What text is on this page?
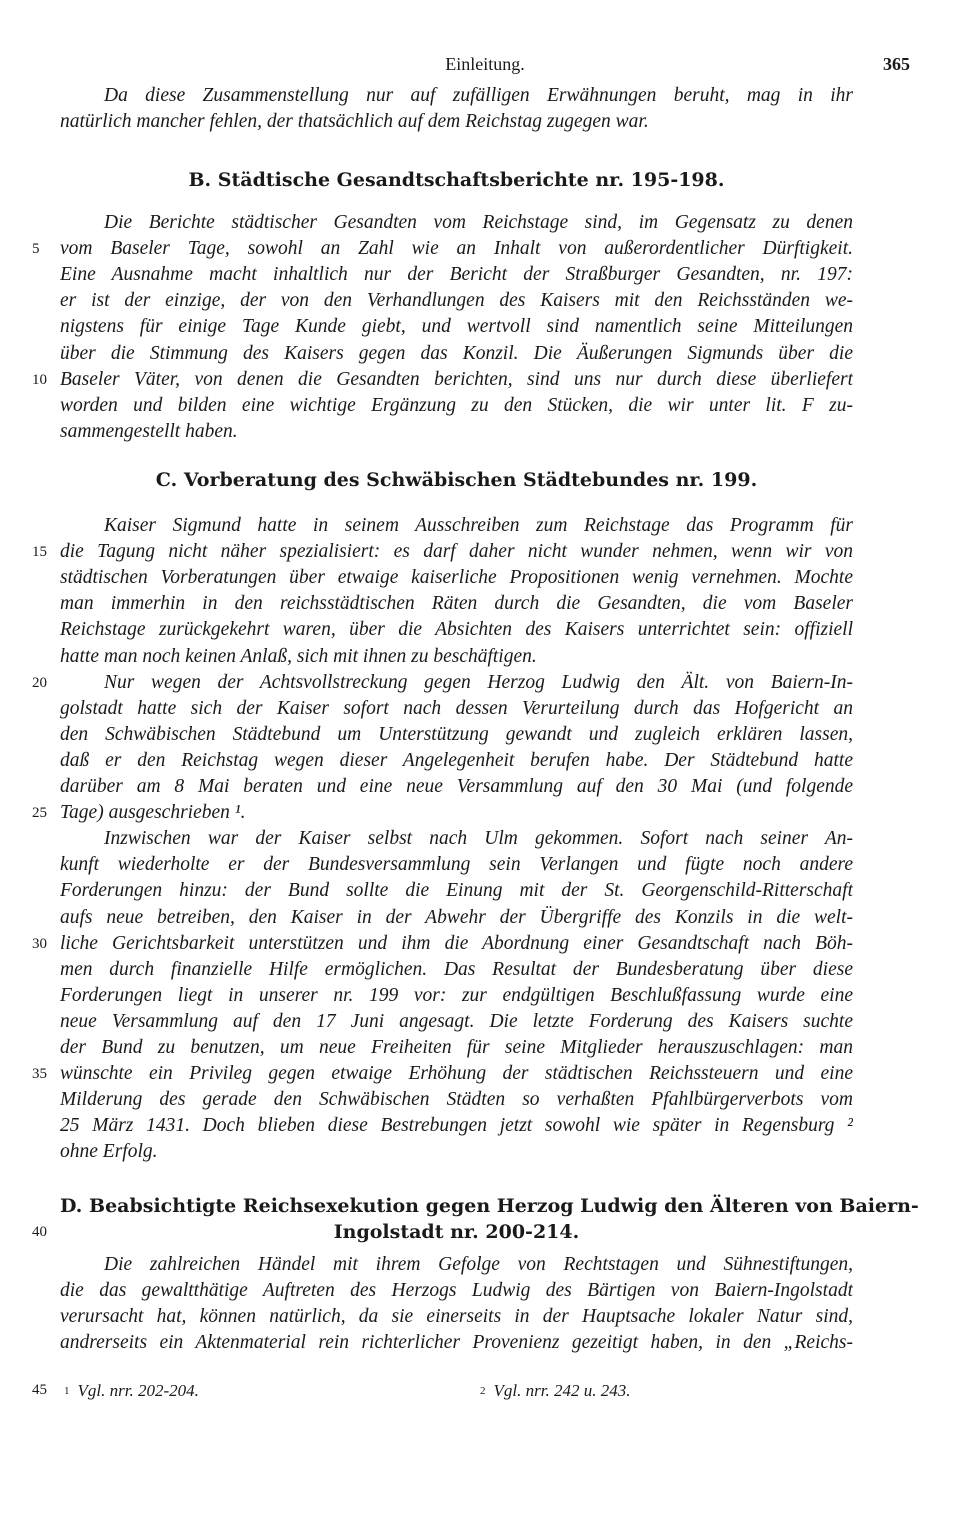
Einleitung.	365
Da diese Zusammenstellung nur auf zufälligen Erwähnungen beruht, mag in ihr
natürlich mancher fehlen, der thatsächlich auf dem Reichstag zugegen war.
B. Städtische Gesandtschaftsberichte nr. 195-198.
Die Berichte städtischer Gesandten vom Reichstage sind, im Gegensatz zu denen
vom Baseler Tage, sowohl an Zahl wie an Inhalt von außerordentlicher Dürftigkeit.
5
Eine Ausnahme macht inhaltlich nur der Bericht der Straßburger Gesandten, nr. 197:
er ist der einzige, der von den Verhandlungen des Kaisers mit den Reichsständen we-
nigstens für einige Tage Kunde giebt, und wertvoll sind namentlich seine Mitteilungen
über die Stimmung des Kaisers gegen das Konzil. Die Äußerungen Sigmunds über die
Baseler Väter, von denen die Gesandten berichten, sind uns nur durch diese überliefert
10
worden und bilden eine wichtige Ergänzung zu den Stücken, die wir unter lit. F zu-
sammengestellt haben.
C. Vorberatung des Schwäbischen Städtebundes nr. 199.
Kaiser Sigmund hatte in seinem Ausschreiben zum Reichstage das Programm für
die Tagung nicht näher spezialisiert: es darf daher nicht wunder nehmen, wenn wir von
15
städtischen Vorberatungen über etwaige kaiserliche Propositionen wenig vernehmen. Mochte
man immerhin in den reichsstädtischen Räten durch die Gesandten, die vom Baseler
Reichstage zurückgekehrt waren, über die Absichten des Kaisers unterrichtet sein: offiziell
hatte man noch keinen Anlaß, sich mit ihnen zu beschäftigen.
Nur wegen der Achtsvollstreckung gegen Herzog Ludwig den Ält. von Baiern-In-
20
golstadt hatte sich der Kaiser sofort nach dessen Verurteilung durch das Hofgericht an
den Schwäbischen Städtebund um Unterstützung gewandt und zugleich erklären lassen,
daß er den Reichstag wegen dieser Angelegenheit berufen habe. Der Städtebund hatte
darüber am 8 Mai beraten und eine neue Versammlung auf den 30 Mai (und folgende
Tage) ausgeschrieben ¹.
25
Inzwischen war der Kaiser selbst nach Ulm gekommen. Sofort nach seiner An-
kunft wiederholte er der Bundesversammlung sein Verlangen und fügte noch andere
Forderungen hinzu: der Bund sollte die Einung mit der St. Georgenschild-Ritterschaft
aufs neue betreiben, den Kaiser in der Abwehr der Übergriffe des Konzils in die welt-
liche Gerichtsbarkeit unterstützen und ihm die Abordnung einer Gesandtschaft nach Böh-
30
men durch finanzielle Hilfe ermöglichen. Das Resultat der Bundesberatung über diese
Forderungen liegt in unserer nr. 199 vor: zur endgültigen Beschlußfassung wurde eine
neue Versammlung auf den 17 Juni angesagt. Die letzte Forderung des Kaisers suchte
der Bund zu benutzen, um neue Freiheiten für seine Mitglieder herauszuschlagen: man
wünschte ein Privileg gegen etwaige Erhöhung der städtischen Reichssteuern und eine
35
Milderung des gerade den Schwäbischen Städten so verhaßten Pfahlbürgerverbots vom
25 März 1431. Doch blieben diese Bestrebungen jetzt sowohl wie später in Regensburg ²
ohne Erfolg.
D. Beabsichtigte Reichsexekution gegen Herzog Ludwig den Älteren von Baiern-
Ingolstadt nr. 200-214.
40
Die zahlreichen Händel mit ihrem Gefolge von Rechtstagen und Sühnestiftungen,
die das gewaltthätige Auftreten des Herzogs Ludwig des Bärtigen von Baiern-Ingolstadt
verursacht hat, können natürlich, da sie einerseits in der Hauptsache lokaler Natur sind,
andrerseits ein Aktenmaterial rein richterlicher Provenienz gezeitigt haben, in den „Reichs-
45	$^1$ Vgl. nrr. 202-204.	$^2$ Vgl. nrr. 242 u. 243.
